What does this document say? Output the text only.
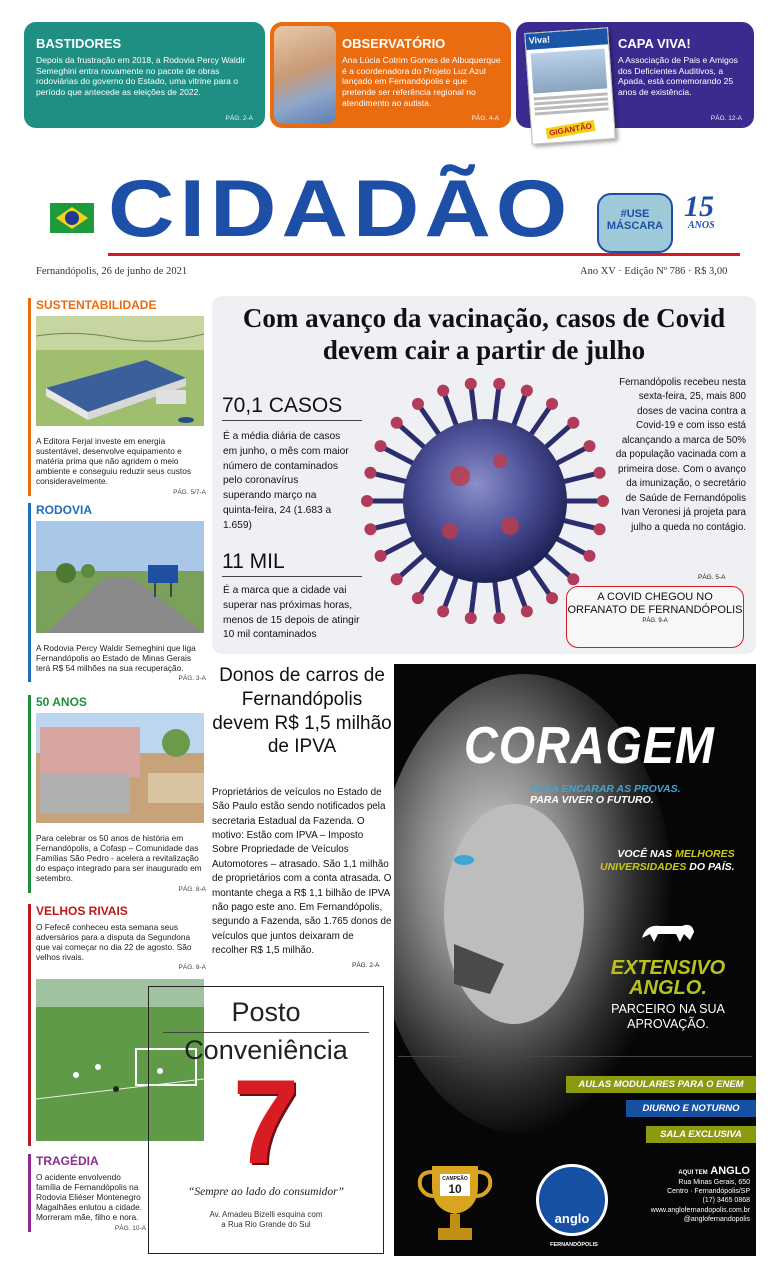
BASTIDORES

Depois da frustração em 2018, a Rodovia Percy Waldir Semeghini entra novamente no pacote de obras rodoviárias do governo do Estado, uma vitrine para o período que antecede as eleições de 2022.

PÁG. 2-A
OBSERVATÓRIO

Ana Lúcia Cotrim Gomes de Albuquerque é a coordenadora do Projeto Luz Azul lançado em Fernandópolis e que pretende ser referência regional no atendimento ao autista.

PÁG. 4-A
CAPA VIVA!

A Associação de Pais e Amigos dos Deficientes Auditivos, a Apada, está comemorando 25 anos de existência.

PÁG. 12-A
Viva!
GIGANTÃO
CIDADÃO	#USE MÁSCARA
15
ANOS
Fernandópolis, 26 de junho de 2021	Ano XV · Edição Nº 786 · R$ 3,00
SUSTENTABILIDADE

A Editora Ferjal investe em energia sustentável, desenvolve equipamento e matéria prima que não agridem o meio ambiente e conseguiu reduzir seus custos consideravelmente.

PÁG. 5/7-A
RODOVIA

A Rodovia Percy Waldir Semeghini que liga Fernandópolis ao Estado de Minas Gerais terá R$ 54 milhões na sua recuperação.

PÁG. 3-A
50 ANOS

Para celebrar os 50 anos de história em Fernandópolis, a Cofasp – Comunidade das Famílias São Pedro - acelera a revitalização do espaço integrado para ser inaugurado em setembro.

PÁG. 8-A
VELHOS RIVAIS

O Fefecê conheceu esta semana seus adversários para a disputa da Segundona que vai começar no dia 22 de agosto. São velhos rivais.

PÁG. 8-A
TRAGÉDIA

O acidente envolvendo família de Fernandópolis na Rodovia Eliéser Montenegro Magalhães enlutou a cidade. Morreram mãe, filho e nora.

PÁG. 10-A
Com avanço da vacinação, casos de Covid devem cair a partir de julho
70,1 CASOS
É a média diária de casos em junho, o mês com maior número de contaminados pelo coronavírus superando março na quinta-feira, 24 (1.683 a 1.659)
11 MIL
É a marca que a cidade vai superar nas próximas horas, menos de 15 depois de atingir 10 mil contaminados
Fernandópolis recebeu nesta sexta-feira, 25, mais 800 doses de vacina contra a Covid-19 e com isso está alcançando a marca de 50% da população vacinada com a primeira dose. Com o avanço da imunização, o secretário de Saúde de Fernandópolis Ivan Veronesi já projeta para julho a queda no contágio.
PÁG. 5-A
A COVID CHEGOU NO ORFANATO DE FERNANDÓPOLIS
PÁG. 9-A
Donos de carros de Fernandópolis devem R$ 1,5 milhão de IPVA
Proprietários de veículos no Estado de São Paulo estão sendo notificados pela secretaria Estadual da Fazenda. O motivo: Estão com IPVA – Imposto Sobre Propriedade de Veículos Automotores – atrasado. São 1,1 milhão de proprietários com a conta atrasada. O montante chega a R$ 1,1 bilhão de IPVA não pago este ano. Em Fernandópolis, segundo a Fazenda, são 1.765 donos de veículos que juntos deixaram de recolher R$ 1,5 milhão.
PÁG. 2-A
Posto
Conveniência
7
“Sempre ao lado do consumidor”
Av. Amadeu Bizelli esquina com
a Rua Rio Grande do Sul
CORAGEM
PARA ENCARAR AS PROVAS.
PARA VIVER O FUTURO.
VOCÊ NAS MELHORES
UNIVERSIDADES DO PAÍS.
EXTENSIVO
ANGLO.
PARCEIRO NA SUA APROVAÇÃO.
AULAS MODULARES PARA O ENEM
DIURNO E NOTURNO
SALA EXCLUSIVA
CAMPEÃO
10
anglo
FERNANDÓPOLIS
AQUI TEM ANGLO
Rua Minas Gerais, 650
Centro · Fernandópolis/SP
(17) 3465 0868
www.anglofernandopolis.com.br
@anglofernandopolis
